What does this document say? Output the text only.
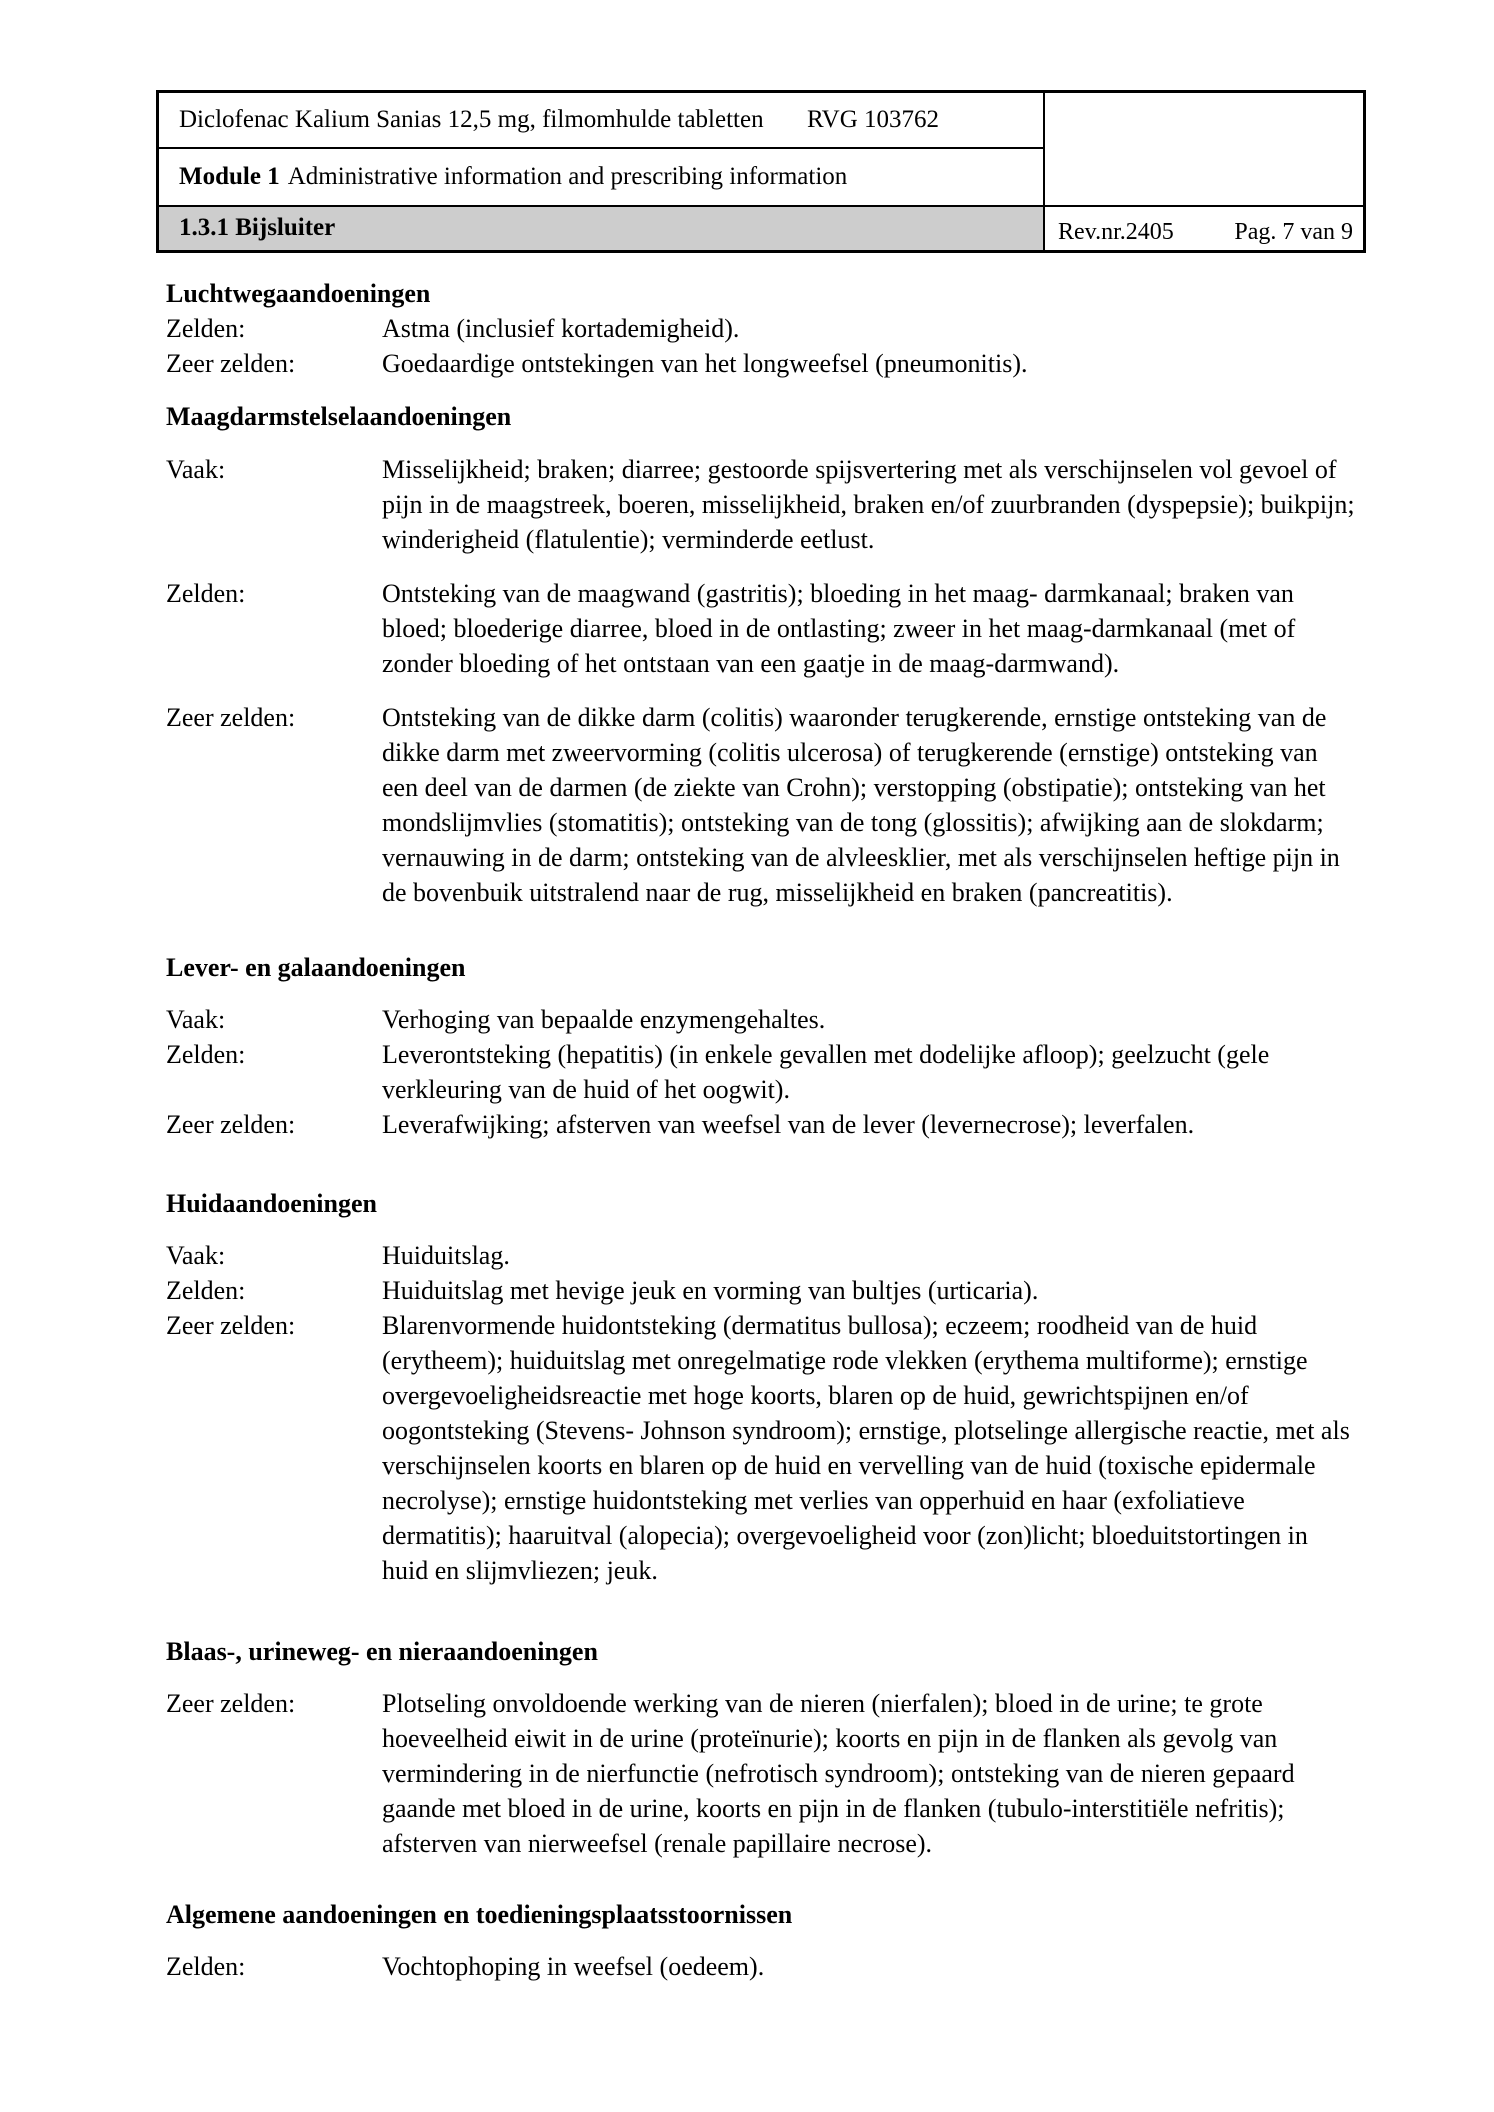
Diclofenac Kalium Sanias 12,5 mg, filmomhulde tabletten RVG 103762
Module 1 Administrative information and prescribing information
1.3.1 Bijsluiter	Rev.nr.2405	Pag. 7 van 9
Luchtwegaandoeningen
Zelden:	Astma (inclusief kortademigheid).
Zeer zelden:	Goedaardige ontstekingen van het longweefsel (pneumonitis).
Maagdarmstelselaandoeningen
Vaak:	Misselijkheid; braken; diarree; gestoorde spijsvertering met als verschijnselen vol gevoel of pijn in de maagstreek, boeren, misselijkheid, braken en/of zuurbranden (dyspepsie); buikpijn; winderigheid (flatulentie); verminderde eetlust.
Zelden:	Ontsteking van de maagwand (gastritis); bloeding in het maag- darmkanaal; braken van bloed; bloederige diarree, bloed in de ontlasting; zweer in het maag-darmkanaal (met of zonder bloeding of het ontstaan van een gaatje in de maag-darmwand).
Zeer zelden:	Ontsteking van de dikke darm (colitis) waaronder terugkerende, ernstige ontsteking van de dikke darm met zweervorming (colitis ulcerosa) of terugkerende (ernstige) ontsteking van een deel van de darmen (de ziekte van Crohn); verstopping (obstipatie); ontsteking van het mondslijmvlies (stomatitis); ontsteking van de tong (glossitis); afwijking aan de slokdarm; vernauwing in de darm; ontsteking van de alvleesklier, met als verschijnselen heftige pijn in de bovenbuik uitstralend naar de rug, misselijkheid en braken (pancreatitis).
Lever- en galaandoeningen
Vaak:	Verhoging van bepaalde enzymengehaltes.
Zelden:	Leverontsteking (hepatitis) (in enkele gevallen met dodelijke afloop); geelzucht (gele verkleuring van de huid of het oogwit).
Zeer zelden:	Leverafwijking; afsterven van weefsel van de lever (levernecrose); leverfalen.
Huidaandoeningen
Vaak:	Huiduitslag.
Zelden:	Huiduitslag met hevige jeuk en vorming van bultjes (urticaria).
Zeer zelden:	Blarenvormende huidontsteking (dermatitus bullosa); eczeem; roodheid van de huid (erytheem); huiduitslag met onregelmatige rode vlekken (erythema multiforme); ernstige overgevoeligheidsreactie met hoge koorts, blaren op de huid, gewrichtspijnen en/of oogontsteking (Stevens- Johnson syndroom); ernstige, plotselinge allergische reactie, met als verschijnselen koorts en blaren op de huid en vervelling van de huid (toxische epidermale necrolyse); ernstige huidontsteking met verlies van opperhuid en haar (exfoliatieve dermatitis); haaruitval (alopecia); overgevoeligheid voor (zon)licht; bloeduitstortingen in huid en slijmvliezen; jeuk.
Blaas-, urineweg- en nieraandoeningen
Zeer zelden:	Plotseling onvoldoende werking van de nieren (nierfalen); bloed in de urine; te grote hoeveelheid eiwit in de urine (proteïnurie); koorts en pijn in de flanken als gevolg van vermindering in de nierfunctie (nefrotisch syndroom); ontsteking van de nieren gepaard gaande met bloed in de urine, koorts en pijn in de flanken (tubulo-interstitiële nefritis); afsterven van nierweefsel (renale papillaire necrose).
Algemene aandoeningen en toedieningsplaatsstoornissen
Zelden:	Vochtophoping in weefsel (oedeem).
